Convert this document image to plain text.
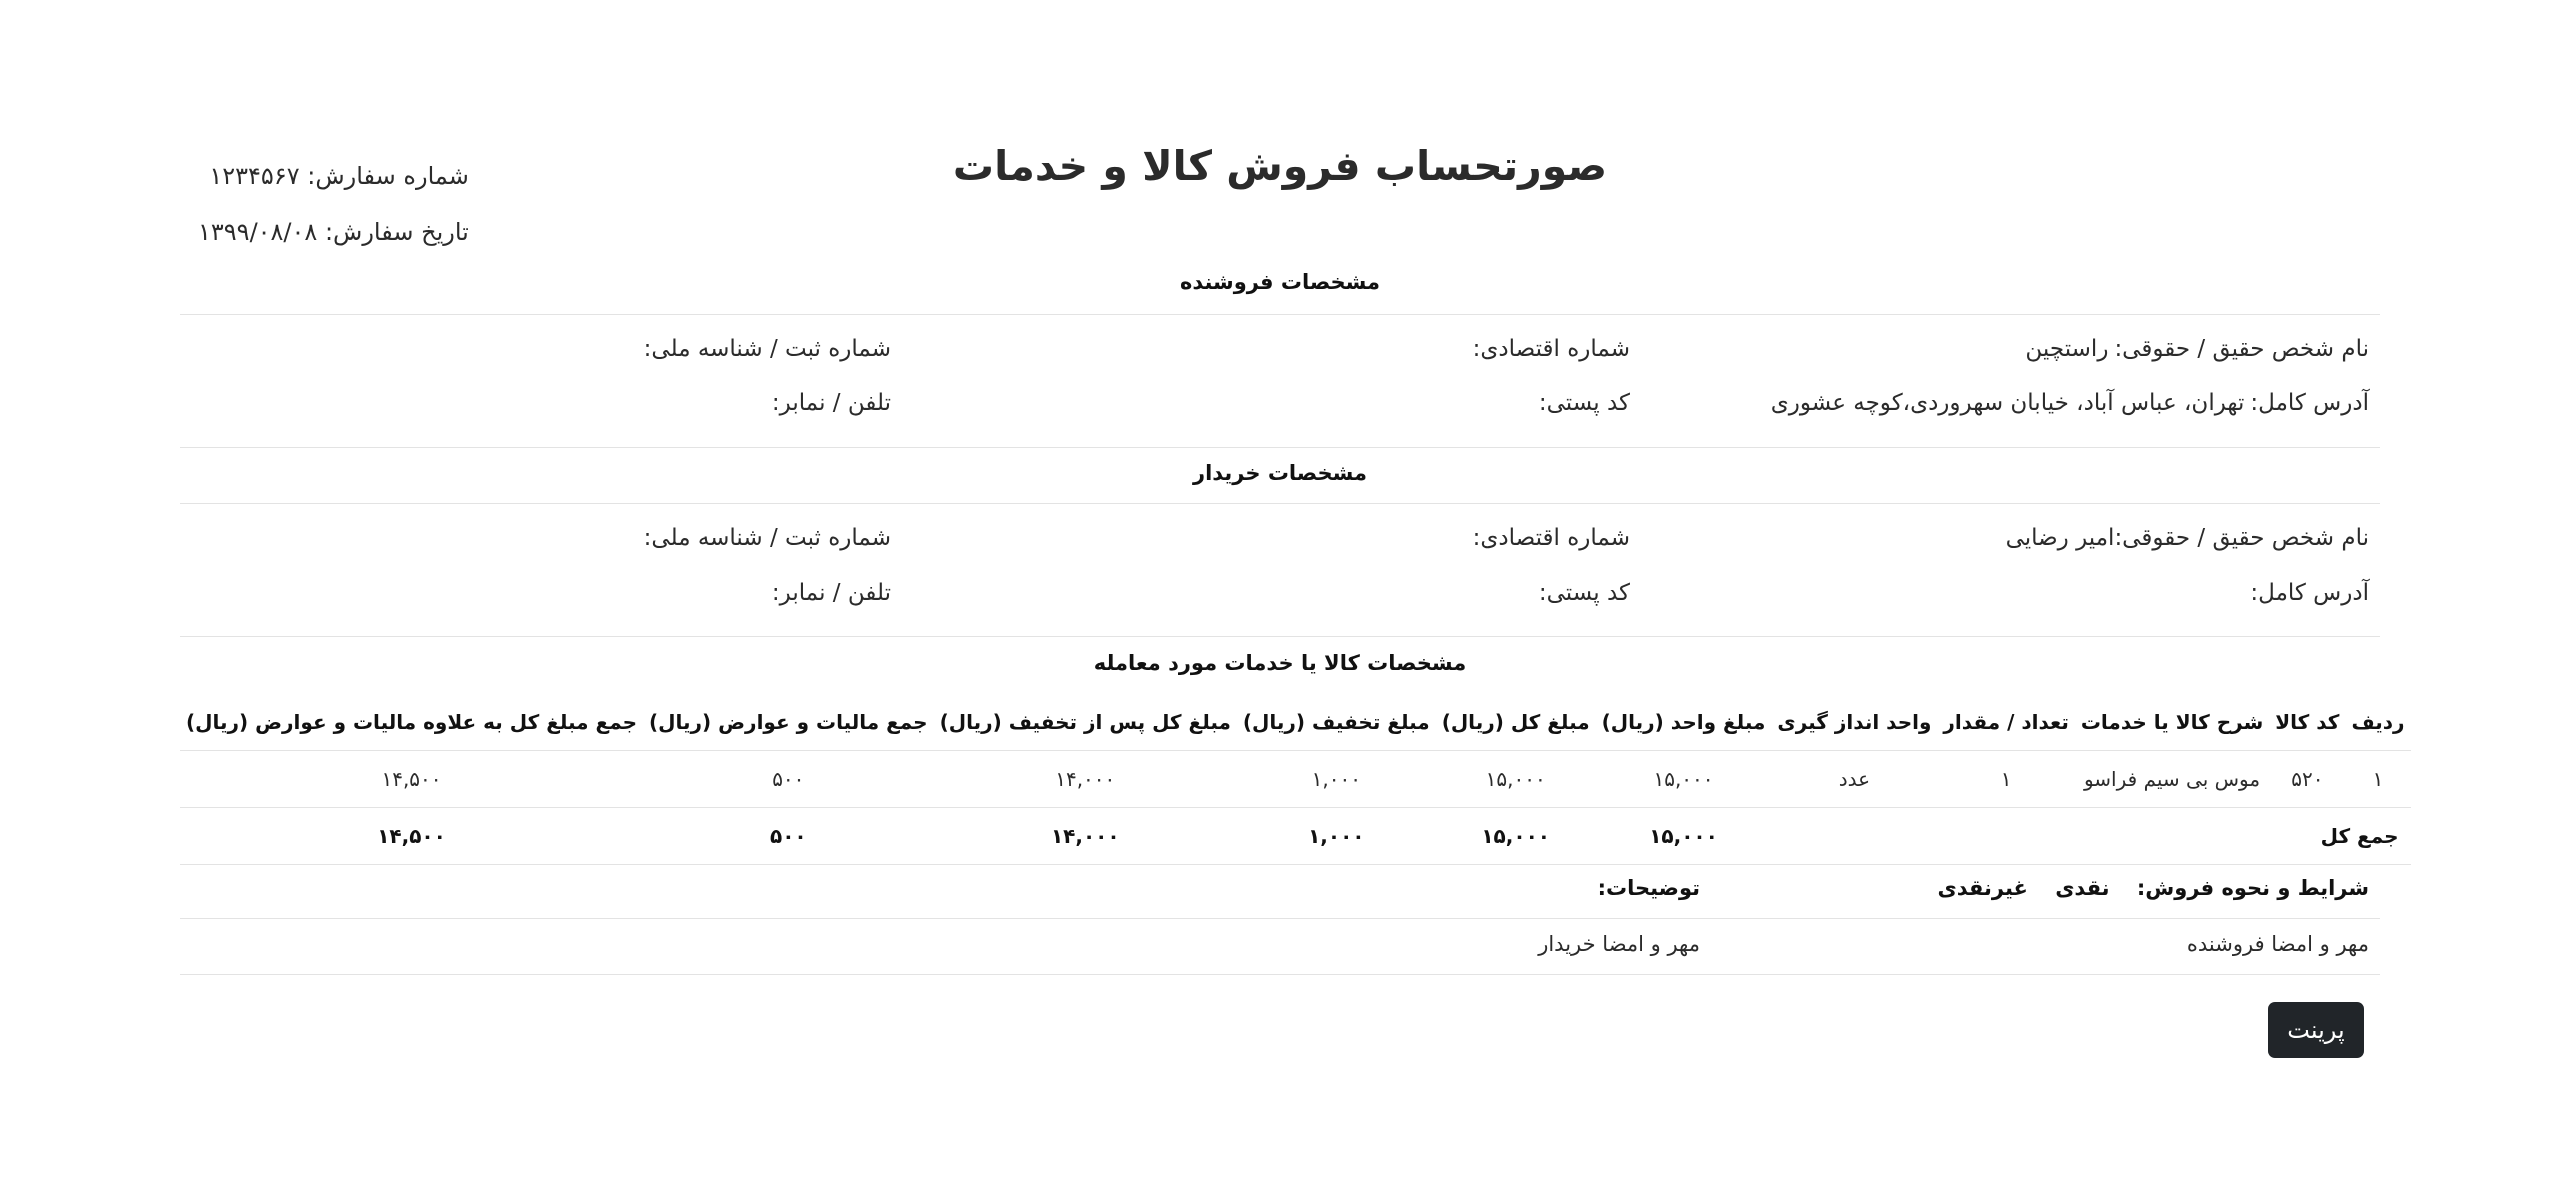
شماره سفارش: ۱۲۳۴۵۶۷
تاریخ سفارش: ۱۳۹۹/۰۸/۰۸
صورتحساب فروش کالا و خدمات
مشخصات فروشنده
نام شخص حقیق / حقوقی:راستچین
شماره اقتصادی:
شماره ثبت / شناسه ملی:
آدرس کامل:تهران، عباس آباد، خیابان سهروردی،کوچه عشوری
کد پستی:
تلفن / نمابر:
مشخصات خریدار
نام شخص حقیق / حقوقی:امیر رضایی
شماره اقتصادی:
شماره ثبت / شناسه ملی:
آدرس کامل:
کد پستی:
تلفن / نمابر:
مشخصات کالا یا خدمات مورد معامله
ردیف	کد کالا	شرح کالا یا خدمات	تعداد / مقدار	واحد انداز گیری	مبلغ واحد (ریال)	مبلغ کل (ریال)	مبلغ تخفیف (ریال)	مبلغ کل پس از تخفیف (ریال)	جمع مالیات و عوارض (ریال)	جمع مبلغ کل به علاوه مالیات و عوارض (ریال)
۱	۵۲۰	موس بی سیم فراسو	۱	عدد	۱۵,۰۰۰	۱۵,۰۰۰	۱,۰۰۰	۱۴,۰۰۰	۵۰۰	۱۴,۵۰۰
جمع کل					۱۵,۰۰۰	۱۵,۰۰۰	۱,۰۰۰	۱۴,۰۰۰	۵۰۰	۱۴,۵۰۰
شرایط و نحوه فروش: نقدی غیرنقدی
توضیحات:
مهر و امضا فروشنده
مهر و امضا خریدار
پرینت
